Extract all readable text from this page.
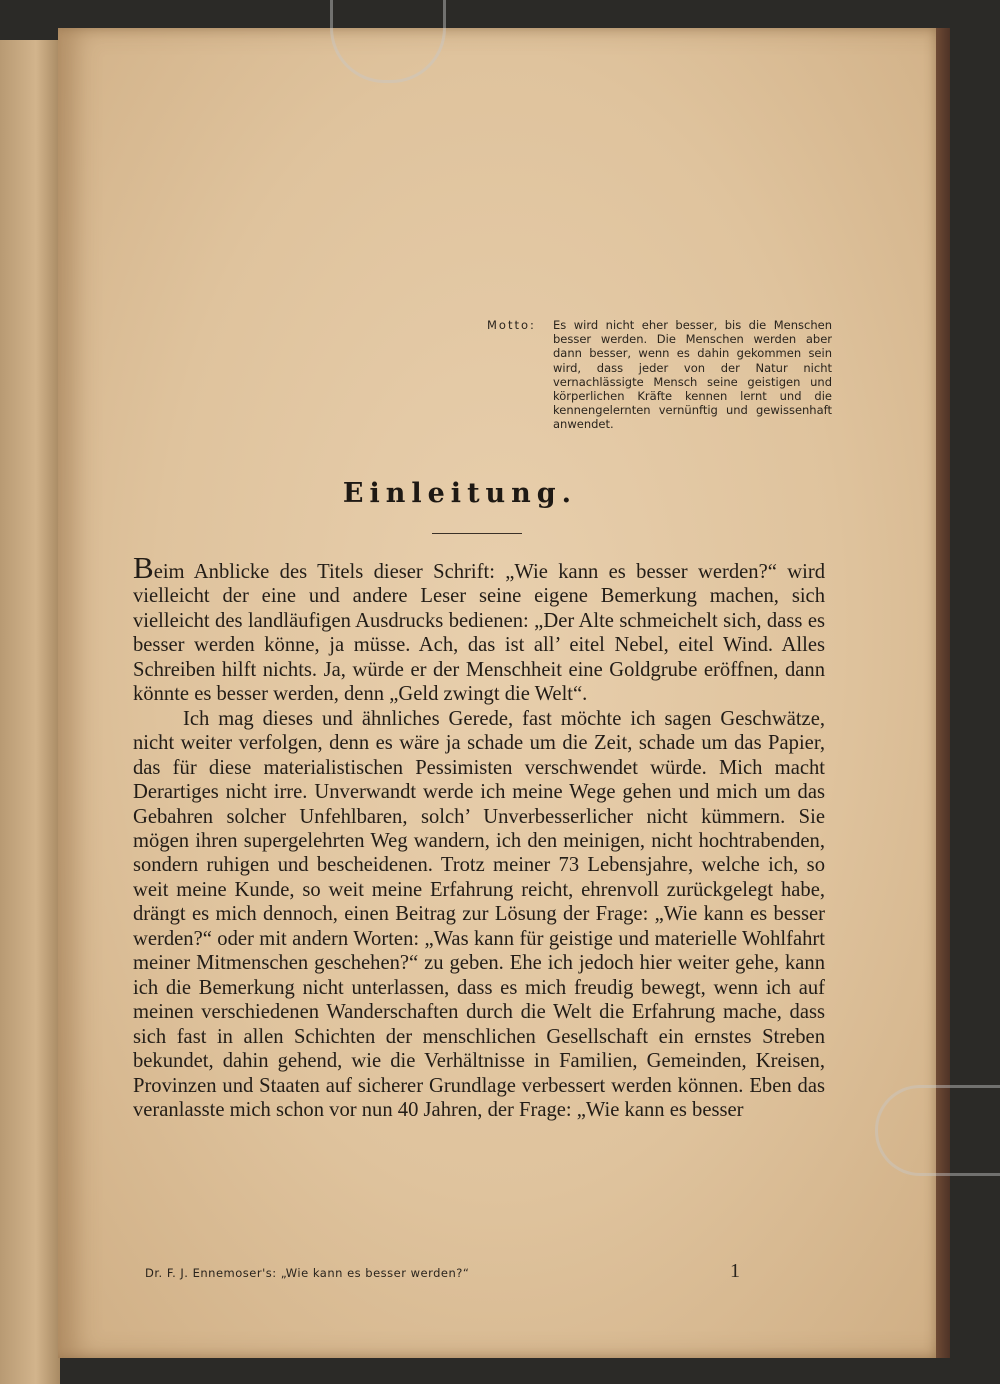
Motto: Es wird nicht eher besser, bis die Menschen besser werden. Die Menschen werden aber dann besser, wenn es dahin gekommen sein wird, dass jeder von der Natur nicht vernachlässigte Mensch seine geistigen und körperlichen Kräfte kennen lernt und die kennengelernten vernünftig und gewissenhaft anwendet.
Einleitung.

Beim Anblicke des Titels dieser Schrift: „Wie kann es besser werden?“ wird vielleicht der eine und andere Leser seine eigene Bemerkung machen, sich vielleicht des landläufigen Ausdrucks bedienen: „Der Alte schmeichelt sich, dass es besser werden könne, ja müsse. Ach, das ist all’ eitel Nebel, eitel Wind. Alles Schreiben hilft nichts. Ja, würde er der Menschheit eine Goldgrube eröffnen, dann könnte es besser werden, denn „Geld zwingt die Welt“.

Ich mag dieses und ähnliches Gerede, fast möchte ich sagen Geschwätze, nicht weiter verfolgen, denn es wäre ja schade um die Zeit, schade um das Papier, das für diese materialistischen Pessimisten verschwendet würde. Mich macht Derartiges nicht irre. Unverwandt werde ich meine Wege gehen und mich um das Gebahren solcher Unfehlbaren, solch’ Unverbesserlicher nicht kümmern. Sie mögen ihren supergelehrten Weg wandern, ich den meinigen, nicht hochtrabenden, sondern ruhigen und bescheidenen. Trotz meiner 73 Lebensjahre, welche ich, so weit meine Kunde, so weit meine Erfahrung reicht, ehrenvoll zurückgelegt habe, drängt es mich dennoch, einen Beitrag zur Lösung der Frage: „Wie kann es besser werden?“ oder mit andern Worten: „Was kann für geistige und materielle Wohlfahrt meiner Mitmenschen geschehen?“ zu geben. Ehe ich jedoch hier weiter gehe, kann ich die Bemerkung nicht unterlassen, dass es mich freudig bewegt, wenn ich auf meinen verschiedenen Wanderschaften durch die Welt die Erfahrung mache, dass sich fast in allen Schichten der menschlichen Gesellschaft ein ernstes Streben bekundet, dahin gehend, wie die Verhältnisse in Familien, Gemeinden, Kreisen, Provinzen und Staaten auf sicherer Grundlage verbessert werden können. Eben das veranlasste mich schon vor nun 40 Jahren, der Frage: „Wie kann es besser

Dr. F. J. Ennemoser's: „Wie kann es besser werden?“	1
